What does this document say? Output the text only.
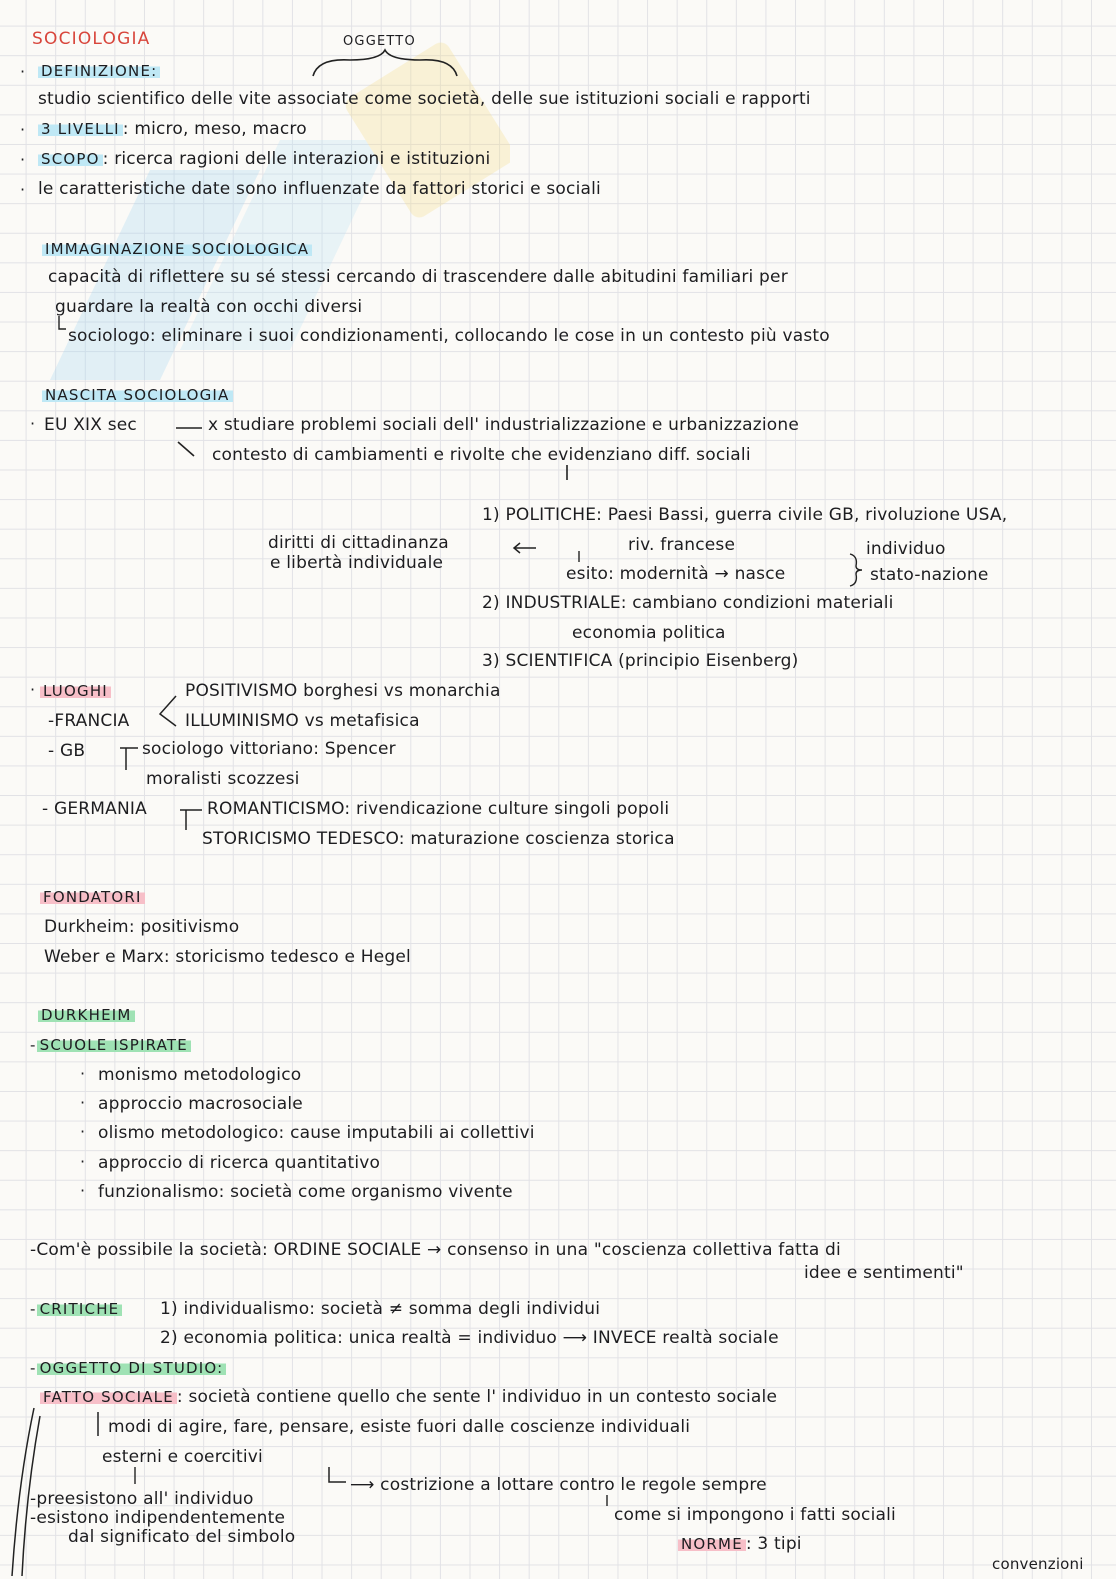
SOCIOLOGIA	OGGETTO
· DEFINIZIONE:
studio scientifico delle vite associate come società, delle sue istituzioni sociali e rapporti
· 3 LIVELLI : micro, meso, macro
· SCOPO : ricerca ragioni delle interazioni e istituzioni
· le caratteristiche date sono influenzate da fattori storici e sociali
IMMAGINAZIONE SOCIOLOGICA
capacità di riflettere su sé stessi cercando di trascendere dalle abitudini familiari per
guardare la realtà con occhi diversi
sociologo: eliminare i suoi condizionamenti, collocando le cose in un contesto più vasto
NASCITA SOCIOLOGIA
· EU XIX sec	x studiare problemi sociali dell' industrializzazione e urbanizzazione
contesto di cambiamenti e rivolte che evidenziano diff. sociali
1) POLITICHE: Paesi Bassi, guerra civile GB, rivoluzione USA,
riv. francese
diritti di cittadinanza
e libertà individuale
esito: modernità → nasce
individuo
stato-nazione
2) INDUSTRIALE: cambiano condizioni materiali
economia politica
3) SCIENTIFICA (principio Eisenberg)
· LUOGHI	POSITIVISMO borghesi vs monarchia
-FRANCIA	ILLUMINISMO vs metafisica
- GB	sociologo vittoriano: Spencer
moralisti scozzesi
- GERMANIA	ROMANTICISMO: rivendicazione culture singoli popoli
STORICISMO TEDESCO: maturazione coscienza storica
FONDATORI
Durkheim: positivismo
Weber e Marx: storicismo tedesco e Hegel
DURKHEIM
- SCUOLE ISPIRATE
· monismo metodologico
· approccio macrosociale
· olismo metodologico: cause imputabili ai collettivi
· approccio di ricerca quantitativo
· funzionalismo: società come organismo vivente
-Com'è possibile la società: ORDINE SOCIALE → consenso in una "coscienza collettiva fatta di
idee e sentimenti"
- CRITICHE 1) individualismo: società ≠ somma degli individui
2) economia politica: unica realtà = individuo ⟶ INVECE realtà sociale
- OGGETTO DI STUDIO:
FATTO SOCIALE : società contiene quello che sente l' individuo in un contesto sociale
modi di agire, fare, pensare, esiste fuori dalle coscienze individuali
esterni e coercitivi
⟶ costrizione a lottare contro le regole sempre
-preesistono all' individuo
-esistono indipendentemente
dal significato del simbolo
come si impongono i fatti sociali
NORME : 3 tipi
convenzioni
